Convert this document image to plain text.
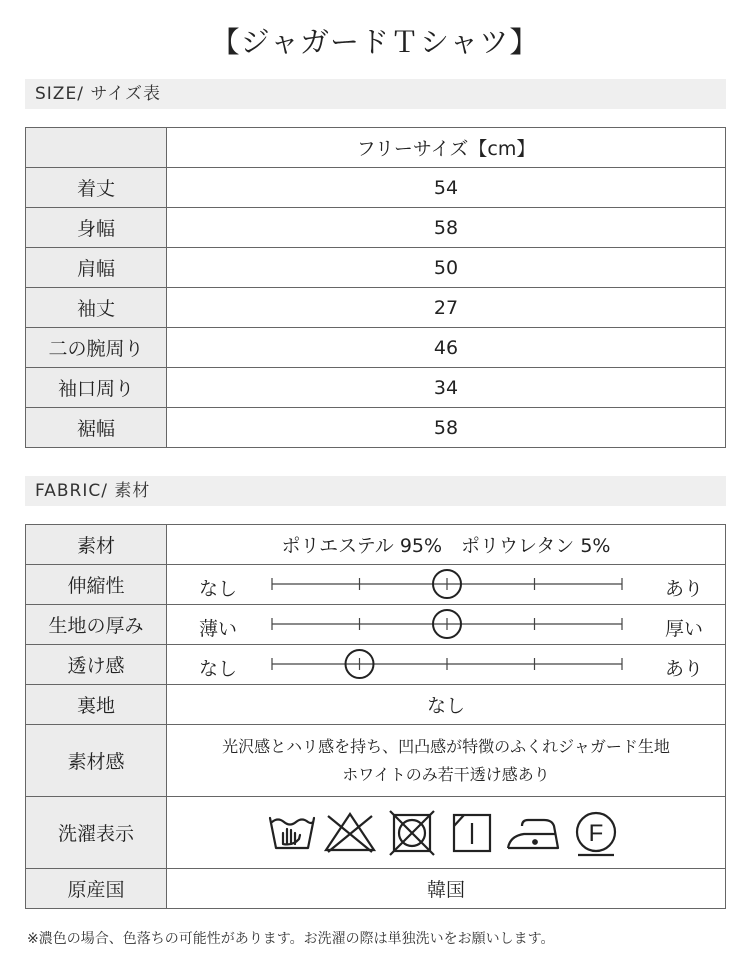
【ジャガードＴシャツ】
SIZE/ サイズ表
	フリーサイズ【cm】
着丈	54
身幅	58
肩幅	50
袖丈	27
二の腕周り	46
袖口周り	34
裾幅	58
FABRIC/ 素材
素材	ポリエステル 95%　ポリウレタン 5%
伸縮性	なし あり

生地の厚み	薄い 厚い

透け感	なし あり

裏地	なし
素材感	光沢感とハリ感を持ち、凹凸感が特徴のふくれジャガード生地
ホワイトのみ若干透け感あり

洗濯表示	F

原産国	韓国
※濃色の場合、色落ちの可能性があります。お洗濯の際は単独洗いをお願いします。
